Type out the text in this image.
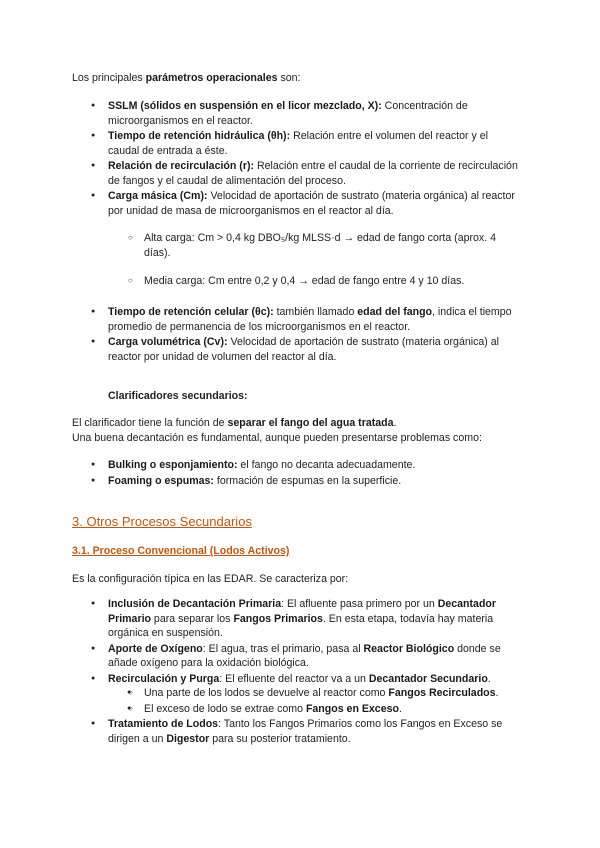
Los principales parámetros operacionales son:

● SSLM (sólidos en suspensión en el licor mezclado, X): Concentración de microorganismos en el reactor.
● Tiempo de retención hidráulica (θh): Relación entre el volumen del reactor y el caudal de entrada a éste.
● Relación de recirculación (r): Relación entre el caudal de la corriente de recirculación de fangos y el caudal de alimentación del proceso.
● Carga másica (Cm): Velocidad de aportación de sustrato (materia orgánica) al reactor por unidad de masa de microorganismos en el reactor al día.
○ Alta carga: Cm > 0,4 kg DBO₅/kg MLSS·d → edad de fango corta (aprox. 4 días).
○ Media carga: Cm entre 0,2 y 0,4 → edad de fango entre 4 y 10 días.
● Tiempo de retención celular (θc): también llamado edad del fango, indica el tiempo promedio de permanencia de los microorganismos en el reactor.
● Carga volumétrica (Cv): Velocidad de aportación de sustrato (materia orgánica) al reactor por unidad de volumen del reactor al día.

Clarificadores secundarios:

El clarificador tiene la función de separar el fango del agua tratada.
Una buena decantación es fundamental, aunque pueden presentarse problemas como:

● Bulking o esponjamiento: el fango no decanta adecuadamente.
● Foaming o espumas: formación de espumas en la superficie.
3. Otros Procesos Secundarios
3.1. Proceso Convencional (Lodos Activos)

Es la configuración típica en las EDAR. Se caracteriza por:

● Inclusión de Decantación Primaria: El afluente pasa primero por un Decantador Primario para separar los Fangos Primarios. En esta etapa, todavía hay materia orgánica en suspensión.
● Aporte de Oxígeno: El agua, tras el primario, pasa al Reactor Biológico donde se añade oxígeno para la oxidación biológica.
● Recirculación y Purga: El efluente del reactor va a un Decantador Secundario.
● ○ Una parte de los lodos se devuelve al reactor como Fangos Recirculados.
● ○ El exceso de lodo se extrae como Fangos en Exceso.
● Tratamiento de Lodos: Tanto los Fangos Primarios como los Fangos en Exceso se dirigen a un Digestor para su posterior tratamiento.
